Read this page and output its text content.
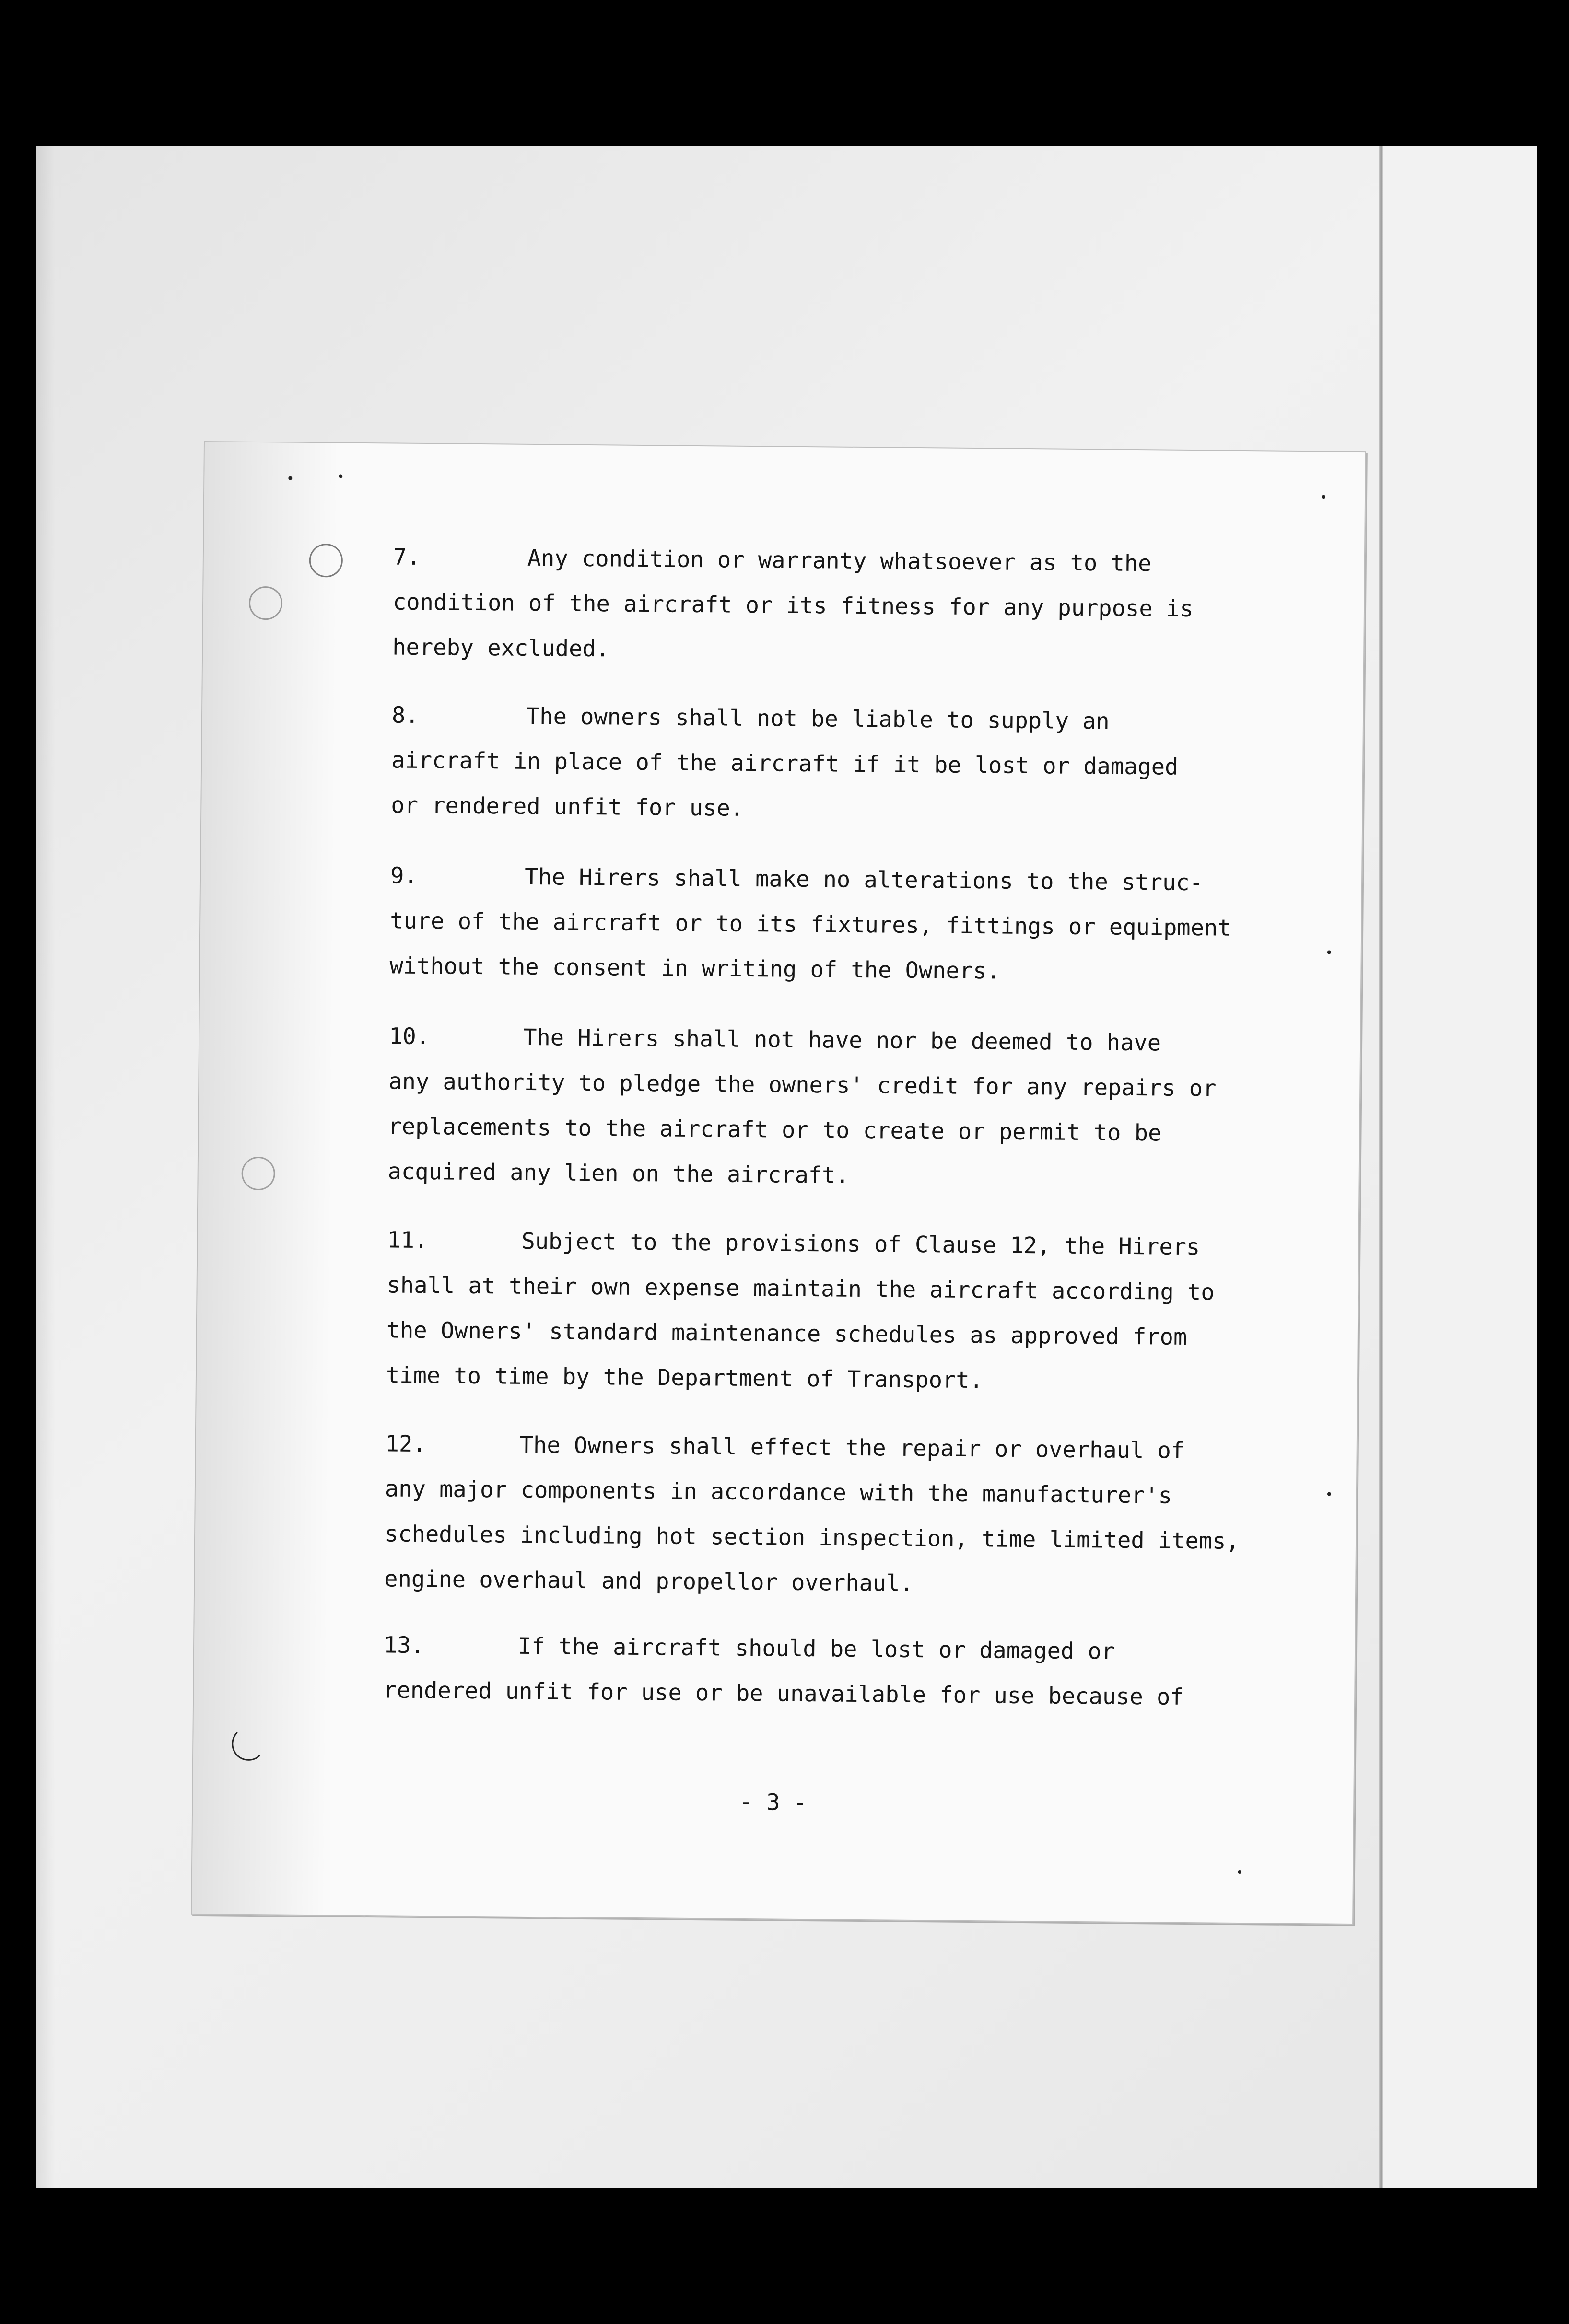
7.	Any condition or warranty whatsoever as to the
condition of the aircraft or its fitness for any purpose is
hereby excluded.
8.	The owners shall not be liable to supply an
aircraft in place of the aircraft if it be lost or damaged
or rendered unfit for use.
9.	The Hirers shall make no alterations to the struc-
ture of the aircraft or to its fixtures, fittings or equipment
without the consent in writing of the Owners.
10.	The Hirers shall not have nor be deemed to have
any authority to pledge the owners' credit for any repairs or
replacements to the aircraft or to create or permit to be
acquired any lien on the aircraft.
11.	Subject to the provisions of Clause 12, the Hirers
shall at their own expense maintain the aircraft according to
the Owners' standard maintenance schedules as approved from
time to time by the Department of Transport.
12.	The Owners shall effect the repair or overhaul of
any major components in accordance with the manufacturer's
schedules including hot section inspection, time limited items,
engine overhaul and propellor overhaul.
13.	If the aircraft should be lost or damaged or
rendered unfit for use or be unavailable for use because of
- 3 -
